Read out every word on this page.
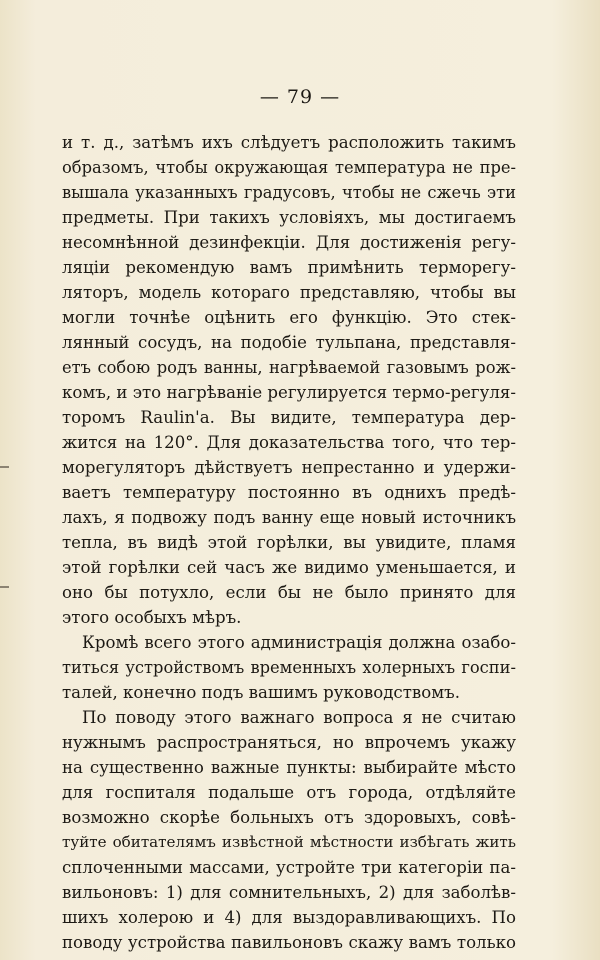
— 79 —
и т. д., затѣмъ ихъ слѣдуетъ расположить такимъ
образомъ, чтобы окружающая температура не пре-
вышала указанныхъ градусовъ, чтобы не сжечь эти
предметы. При такихъ условіяхъ, мы достигаемъ
несомнѣнной дезинфекціи. Для достиженія регу-
ляціи рекомендую вамъ примѣнить терморегу-
ляторъ, модель котораго представляю, чтобы вы
могли точнѣе оцѣнить его функцію. Это стек-
лянный сосудъ, на подобіе тульпана, представля-
етъ собою родъ ванны, нагрѣваемой газовымъ рож-
комъ, и это нагрѣваніе регулируется термо-регуля-
торомъ Raulin'а. Вы видите, температура дер-
жится на 120°. Для доказательства того, что тер-
морегуляторъ дѣйствуетъ непрестанно и удержи-
ваетъ температуру постоянно въ однихъ предѣ-
лахъ, я подвожу подъ ванну еще новый источникъ
тепла, въ видѣ этой горѣлки, вы увидите, пламя
этой горѣлки сей часъ же видимо уменьшается, и
оно бы потухло, если бы не было принято для
этого особыхъ мѣръ.
Кромѣ всего этого администрація должна озабо-
титься устройствомъ временныхъ холерныхъ госпи-
талей, конечно подъ вашимъ руководствомъ.
По поводу этого важнаго вопроса я не считаю
нужнымъ распространяться, но впрочемъ укажу
на существенно важные пункты: выбирайте мѣсто
для госпиталя подальше отъ города, отдѣляйте
возможно скорѣе больныхъ отъ здоровыхъ, совѣ-
туйте обитателямъ извѣстной мѣстности избѣгать жить
сплоченными массами, устройте три категоріи па-
вильоновъ: 1) для сомнительныхъ, 2) для заболѣв-
шихъ холерою и 4) для выздоравливающихъ. По
поводу устройства павильоновъ скажу вамъ только
